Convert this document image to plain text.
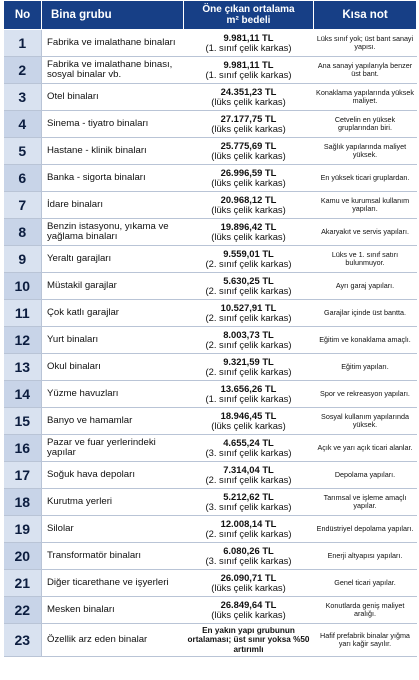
No	Bina grubu	Öne çıkan ortalama
m² bedeli	Kısa not
1	Fabrika ve imalathane binaları	9.981,11 TL
(1. sınıf çelik karkas)	Lüks sınıf yok; üst bant sanayi yapısı.
2	Fabrika ve imalathane binası, sosyal binalar vb.	9.981,11 TL
(1. sınıf çelik karkas)	Ana sanayi yapılarıyla benzer üst bant.
3	Otel binaları	24.351,23 TL
(lüks çelik karkas)	Konaklama yapılarında yüksek maliyet.
4	Sinema - tiyatro binaları	27.177,75 TL
(lüks çelik karkas)	Cetvelin en yüksek gruplarından biri.
5	Hastane - klinik binaları	25.775,69 TL
(lüks çelik karkas)	Sağlık yapılarında maliyet yüksek.
6	Banka - sigorta binaları	26.996,59 TL
(lüks çelik karkas)	En yüksek ticari gruplardan.
7	İdare binaları	20.968,12 TL
(lüks çelik karkas)	Kamu ve kurumsal kullanım yapıları.
8	Benzin istasyonu, yıkama ve yağlama binaları	19.896,42 TL
(lüks çelik karkas)	Akaryakıt ve servis yapıları.
9	Yeraltı garajları	9.559,01 TL
(2. sınıf çelik karkas)	Lüks ve 1. sınıf satırı bulunmuyor.
10	Müstakil garajlar	5.630,25 TL
(2. sınıf çelik karkas)	Ayrı garaj yapıları.
11	Çok katlı garajlar	10.527,91 TL
(2. sınıf çelik karkas)	Garajlar içinde üst bantta.
12	Yurt binaları	8.003,73 TL
(2. sınıf çelik karkas)	Eğitim ve konaklama amaçlı.
13	Okul binaları	9.321,59 TL
(2. sınıf çelik karkas)	Eğitim yapıları.
14	Yüzme havuzları	13.656,26 TL
(1. sınıf çelik karkas)	Spor ve rekreasyon yapıları.
15	Banyo ve hamamlar	18.946,45 TL
(lüks çelik karkas)	Sosyal kullanım yapılarında yüksek.
16	Pazar ve fuar yerlerindeki yapılar	4.655,24 TL
(3. sınıf çelik karkas)	Açık ve yarı açık ticari alanlar.
17	Soğuk hava depoları	7.314,04 TL
(2. sınıf çelik karkas)	Depolama yapıları.
18	Kurutma yerleri	5.212,62 TL
(3. sınıf çelik karkas)	Tarımsal ve işleme amaçlı yapılar.
19	Silolar	12.008,14 TL
(2. sınıf çelik karkas)	Endüstriyel depolama yapıları.
20	Transformatör binaları	6.080,26 TL
(3. sınıf çelik karkas)	Enerji altyapısı yapıları.
21	Diğer ticarethane ve işyerleri	26.090,71 TL
(lüks çelik karkas)	Genel ticari yapılar.
22	Mesken binaları	26.849,64 TL
(lüks çelik karkas)	Konutlarda geniş maliyet aralığı.
23	Özellik arz eden binalar	En yakın yapı grubunun ortalaması; üst sınır yoksa %50 artırımlı	Hafif prefabrik binalar yığma yarı kağir sayılır.
